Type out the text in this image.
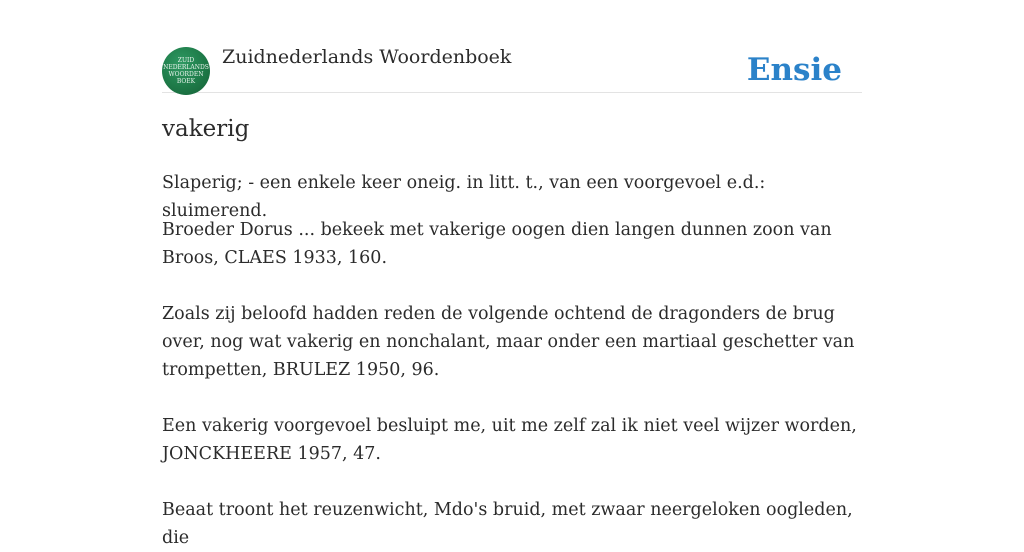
ZUID
NEDERLANDS
WOORDEN
BOEK
Zuidnederlands Woordenboek	Ensie
vakerig

Slaperig; - een enkele keer oneig. in litt. t., van een voorgevoel e.d.: sluimerend.

Broeder Dorus ... bekeek met vakerige oogen dien langen dunnen zoon van Broos, CLAES 1933, 160.

Zoals zij beloofd hadden reden de volgende ochtend de dragonders de brug over, nog wat vakerig en nonchalant, maar onder een martiaal geschetter van trompetten, BRULEZ 1950, 96.

Een vakerig voorgevoel besluipt me, uit me zelf zal ik niet veel wijzer worden, JONCKHEERE 1957, 47.

Beaat troont het reuzenwicht, Mdo's bruid, met zwaar neergeloken oogleden, die
